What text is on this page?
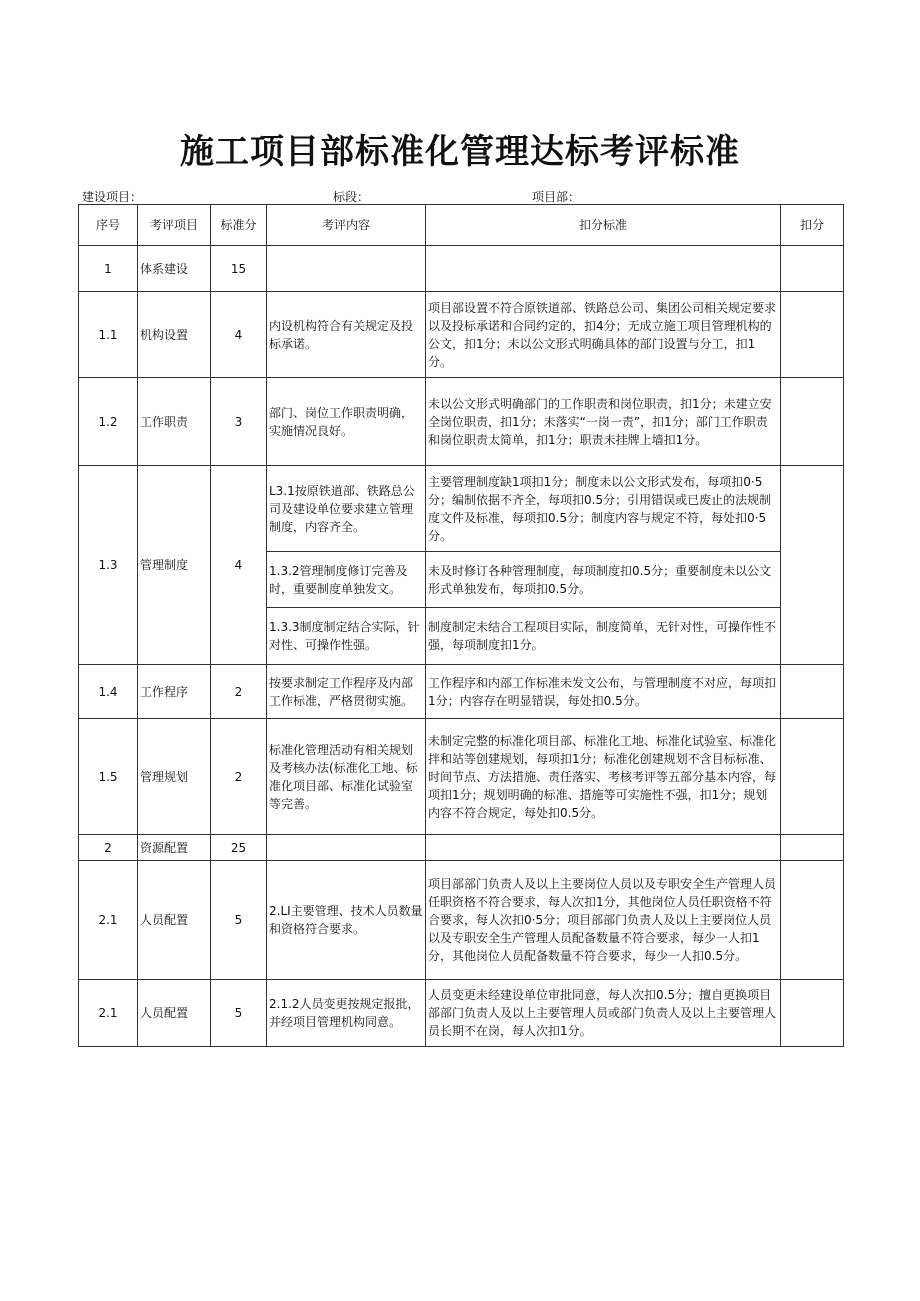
施工项目部标准化管理达标考评标准
建设项目：	标段：	项目部：
序号	考评项目	标准分	考评内容	扣分标准	扣分
1	体系建设	15			
1.1	机构设置	4	内设机构符合有关规定及投标承诺。	项目部设置不符合原铁道部、铁路总公司、集团公司相关规定要求以及投标承诺和合同约定的，扣4分；无成立施工项目管理机构的公文，扣1分；未以公文形式明确具体的部门设置与分工，扣1分。	
1.2	工作职责	3	部门、岗位工作职责明确，实施情况良好。	未以公文形式明确部门的工作职责和岗位职责，扣1分；未建立安全岗位职责，扣1分；未落实“一岗一责”，扣1分；部门工作职责和岗位职责太简单，扣1分；职责未挂牌上墙扣1分。	
1.3	管理制度	4	L3.1按原铁道部、铁路总公司及建设单位要求建立管理制度，内容齐全。	主要管理制度缺1项扣1分；制度未以公文形式发布，每项扣0·5分；编制依据不齐全，每项扣0.5分；引用错误或已废止的法规制度文件及标准，每项扣0.5分；制度内容与规定不符，每处扣0·5分。	
			1.3.2管理制度修订完善及时，重要制度单独发文。	未及时修订各种管理制度，每项制度扣0.5分；重要制度未以公文形式单独发布，每项扣0.5分。	
			1.3.3制度制定结合实际，针对性、可操作性强。	制度制定未结合工程项目实际，制度简单，无针对性，可操作性不强，每项制度扣1分。	
1.4	工作程序	2	按要求制定工作程序及内部工作标准，严格贯彻实施。	工作程序和内部工作标准未发文公布，与管理制度不对应，每项扣1分；内容存在明显错误，每处扣0.5分。	
1.5	管理规划	2	标准化管理活动有相关规划及考核办法(标准化工地、标准化项目部、标准化试验室等完善。	未制定完整的标准化项目部、标准化工地、标准化试验室、标准化拌和站等创建规划，每项扣1分；标准化创建规划不含目标标准、时间节点、方法措施、责任落实、考核考评等五部分基本内容，每项扣1分；规划明确的标准、措施等可实施性不强，扣1分；规划内容不符合规定，每处扣0.5分。	
2	资源配置	25			
2.1	人员配置	5	2.LI主要管理、技术人员数量和资格符合要求。	项目部部门负责人及以上主要岗位人员以及专职安全生产管理人员任职资格不符合要求，每人次扣1分，其他岗位人员任职资格不符合要求，每人次扣0·5分；项目部部门负责人及以上主要岗位人员以及专职安全生产管理人员配备数量不符合要求，每少一人扣1分，其他岗位人员配备数量不符合要求，每少一人扣0.5分。	
2.1	人员配置	5	2.1.2人员变更按规定报批，并经项目管理机构同意。	人员变更未经建设单位审批同意，每人次扣0.5分；擅自更换项目部部门负责人及以上主要管理人员或部门负责人及以上主要管理人员长期不在岗，每人次扣1分。	
